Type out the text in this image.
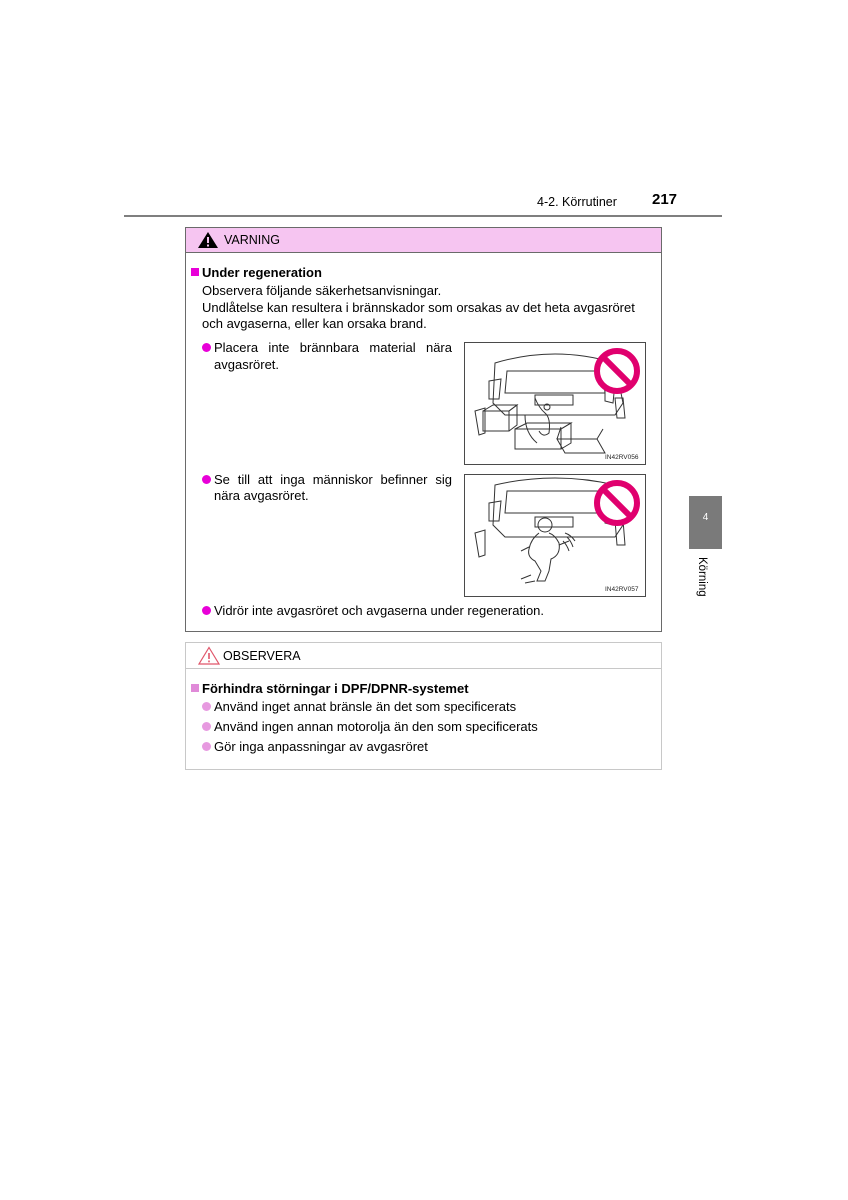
4-2. Körrutiner 217
4
Körning
VARNING
Under regeneration
Observera följande säkerhetsanvisningar.
Undlåtelse kan resultera i brännskador som orsakas av det heta avgasröret
och avgaserna, eller kan orsaka brand.
Placera inte brännbara material nära
avgasröret.
IN42RV056
Se till att inga människor befinner sig
nära avgasröret.
IN42RV057
Vidrör inte avgasröret och avgaserna under regeneration.
OBSERVERA
Förhindra störningar i DPF/DPNR-systemet
Använd inget annat bränsle än det som specificerats
Använd ingen annan motorolja än den som specificerats
Gör inga anpassningar av avgasröret
